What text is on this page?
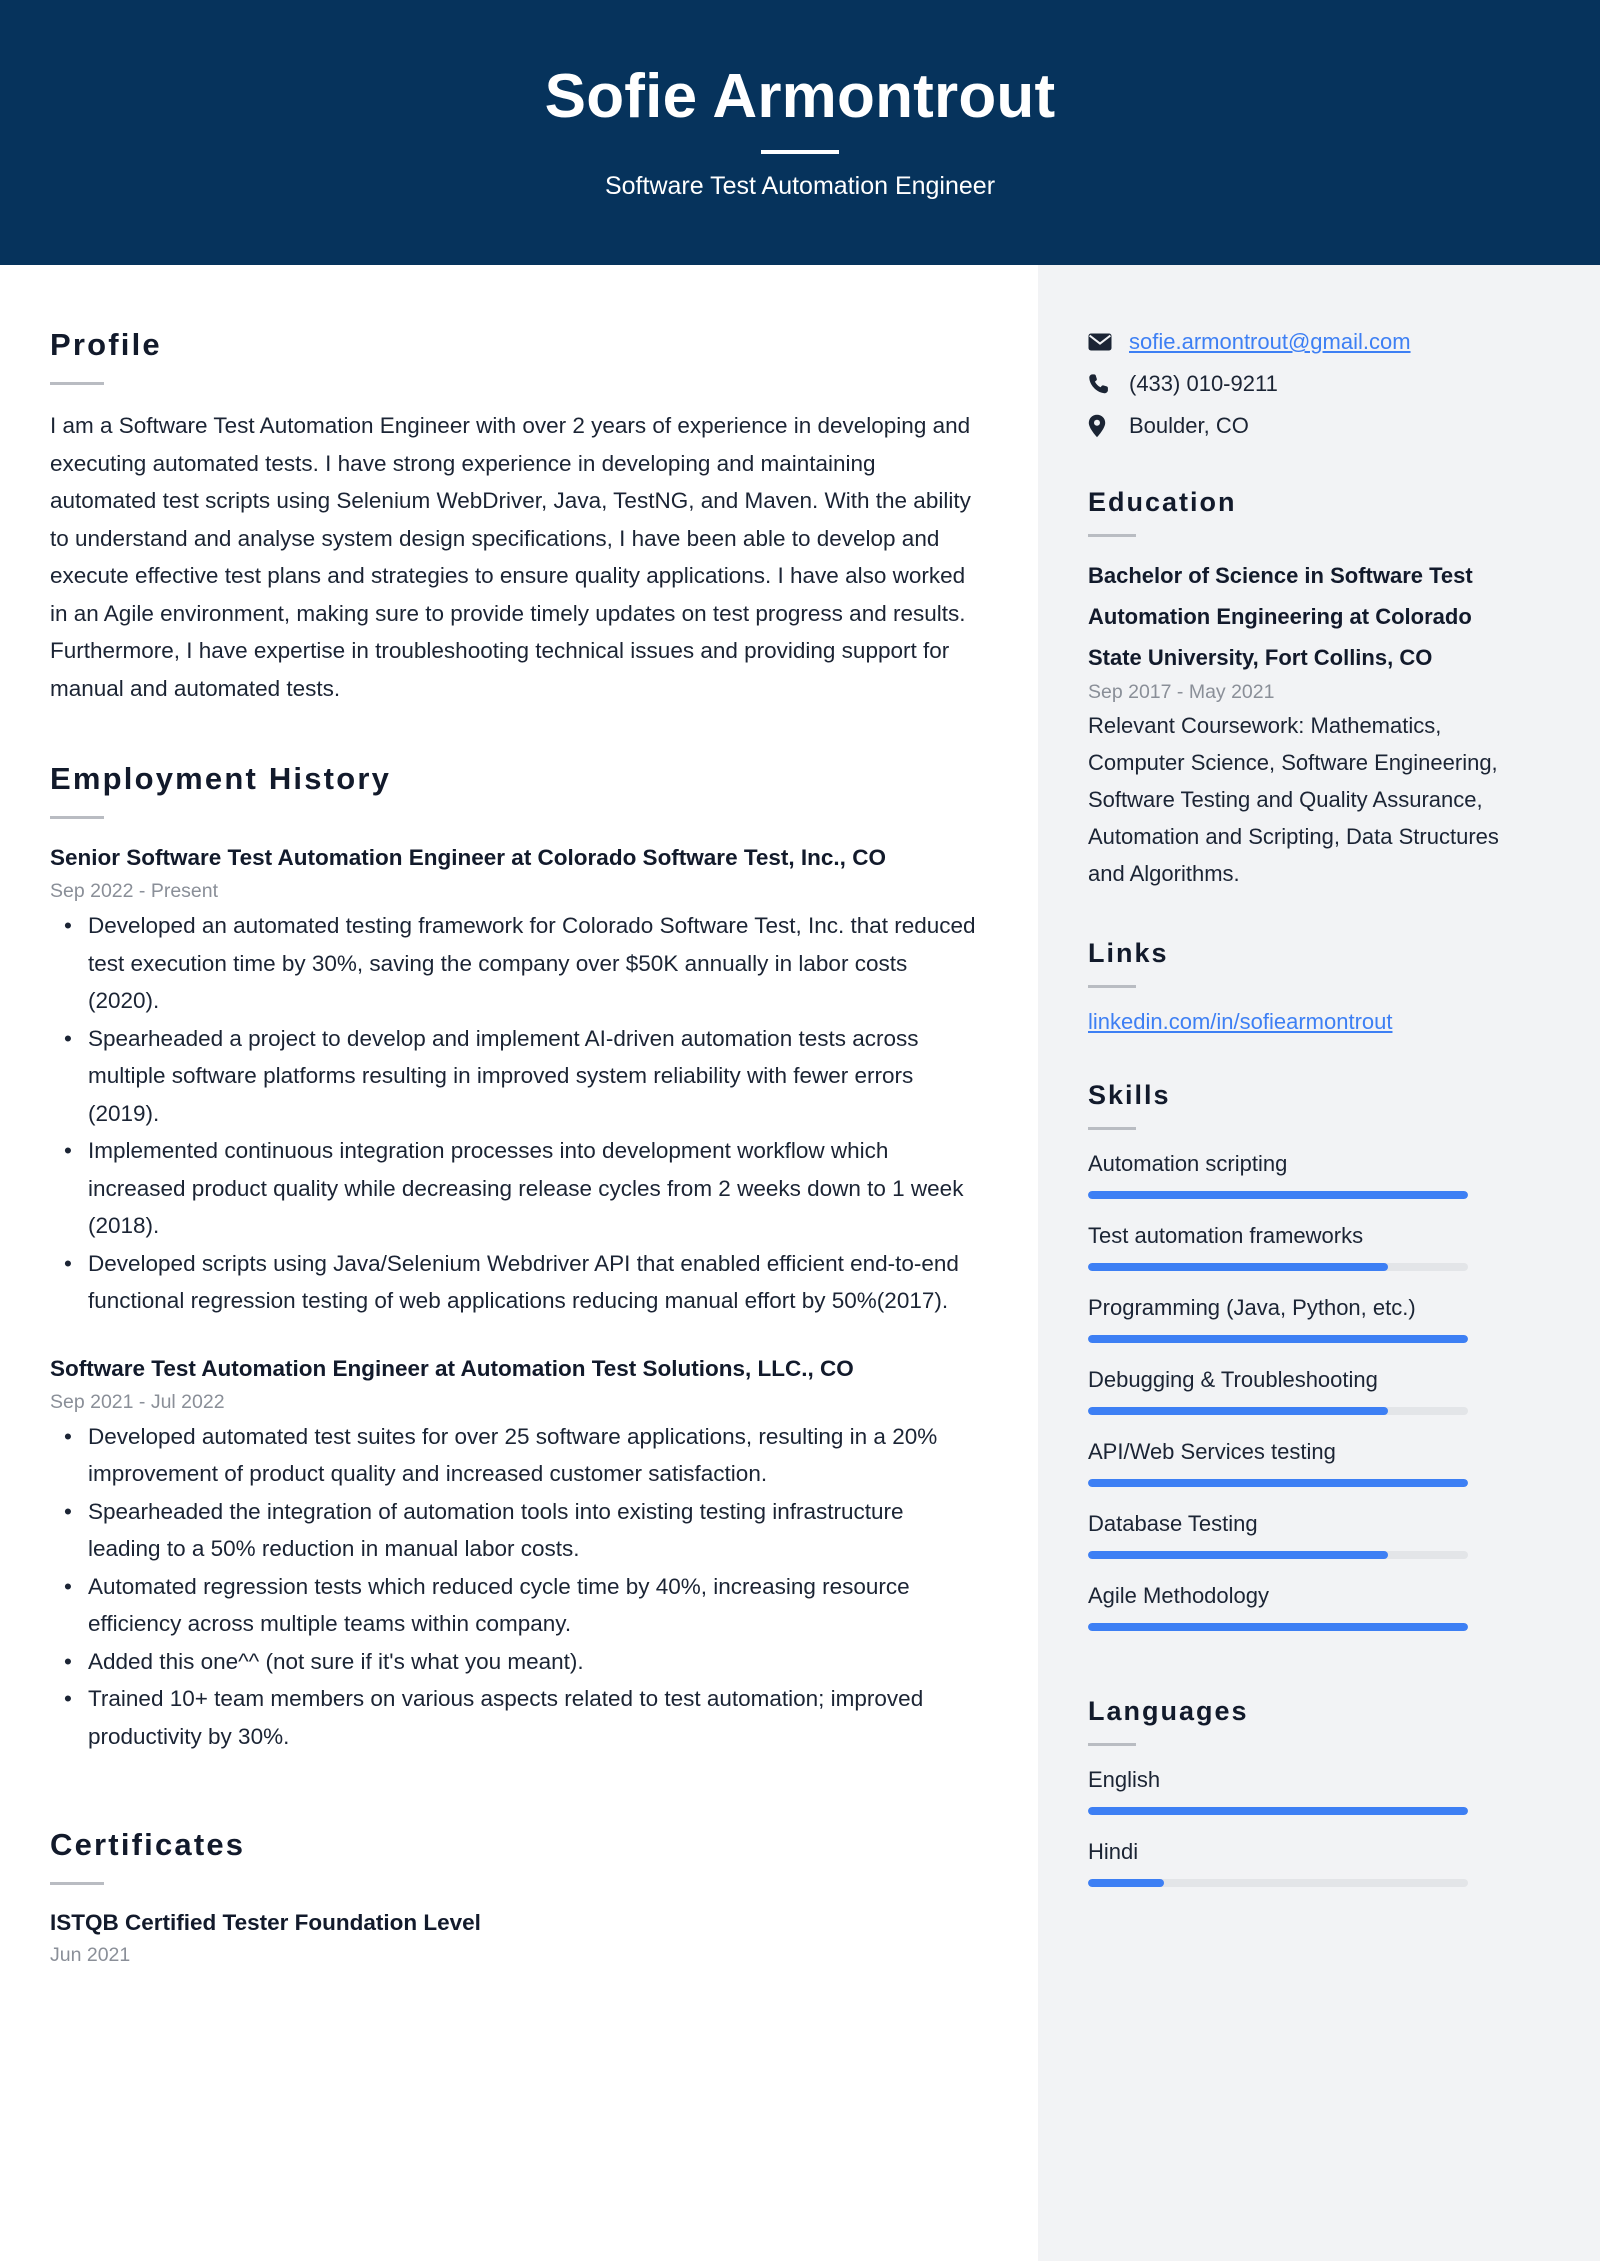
Sofie Armontrout
Software Test Automation Engineer
Profile
I am a Software Test Automation Engineer with over 2 years of experience in developing and executing automated tests. I have strong experience in developing and maintaining automated test scripts using Selenium WebDriver, Java, TestNG, and Maven. With the ability to understand and analyse system design specifications, I have been able to develop and execute effective test plans and strategies to ensure quality applications. I have also worked in an Agile environment, making sure to provide timely updates on test progress and results. Furthermore, I have expertise in troubleshooting technical issues and providing support for manual and automated tests.
Employment History
Senior Software Test Automation Engineer at Colorado Software Test, Inc., CO
Sep 2022 - Present
• Developed an automated testing framework for Colorado Software Test, Inc. that reduced test execution time by 30%, saving the company over $50K annually in labor costs (2020).
• Spearheaded a project to develop and implement AI-driven automation tests across multiple software platforms resulting in improved system reliability with fewer errors (2019).
• Implemented continuous integration processes into development workflow which increased product quality while decreasing release cycles from 2 weeks down to 1 week (2018).
• Developed scripts using Java/Selenium Webdriver API that enabled efficient end-to-end functional regression testing of web applications reducing manual effort by 50%(2017).
Software Test Automation Engineer at Automation Test Solutions, LLC., CO
Sep 2021 - Jul 2022
• Developed automated test suites for over 25 software applications, resulting in a 20% improvement of product quality and increased customer satisfaction.
• Spearheaded the integration of automation tools into existing testing infrastructure leading to a 50% reduction in manual labor costs.
• Automated regression tests which reduced cycle time by 40%, increasing resource efficiency across multiple teams within company.
• Added this one^^ (not sure if it's what you meant).
• Trained 10+ team members on various aspects related to test automation; improved productivity by 30%.
Certificates
ISTQB Certified Tester Foundation Level
Jun 2021
sofie.armontrout@gmail.com
(433) 010-9211
Boulder, CO
Education
Bachelor of Science in Software Test Automation Engineering at Colorado State University, Fort Collins, CO
Sep 2017 - May 2021
Relevant Coursework: Mathematics, Computer Science, Software Engineering, Software Testing and Quality Assurance, Automation and Scripting, Data Structures and Algorithms.
Links
linkedin.com/in/sofiearmontrout
Skills
Automation scripting
Test automation frameworks
Programming (Java, Python, etc.)
Debugging & Troubleshooting
API/Web Services testing
Database Testing
Agile Methodology
Languages
English
Hindi
